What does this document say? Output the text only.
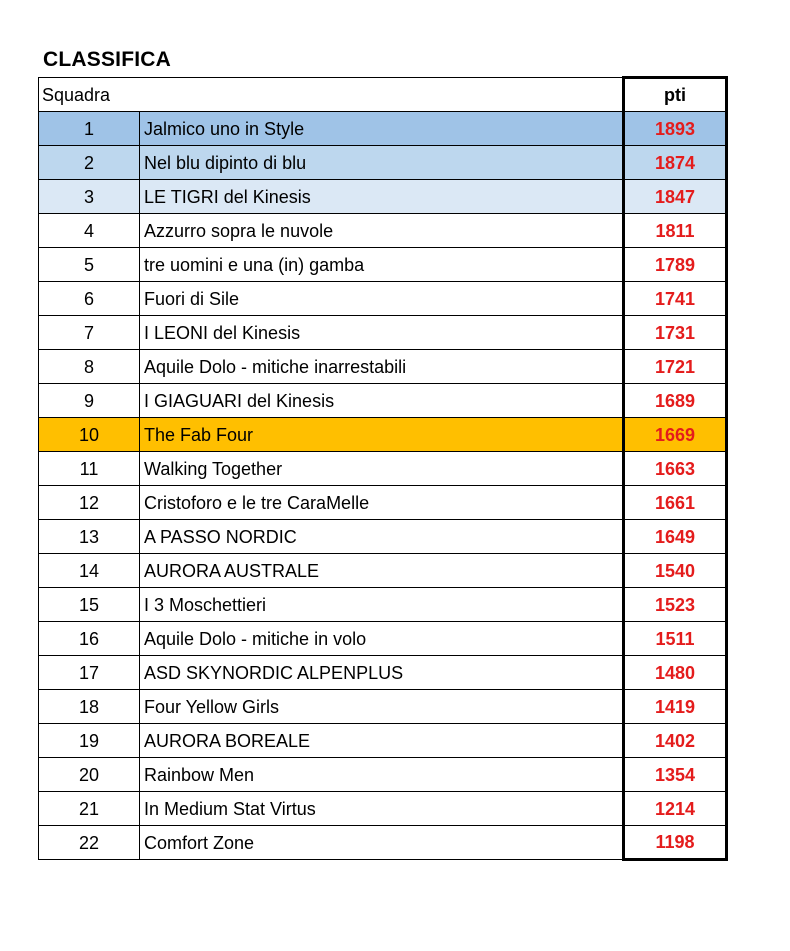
CLASSIFICA
Squadra		pti
1	Jalmico uno in Style	1893
2	Nel blu dipinto di blu	1874
3	LE TIGRI del Kinesis	1847
4	Azzurro sopra le nuvole	1811
5	tre uomini e una (in) gamba	1789
6	Fuori di Sile	1741
7	I LEONI del Kinesis	1731
8	Aquile Dolo - mitiche inarrestabili	1721
9	I GIAGUARI del Kinesis	1689
10	The Fab Four	1669
11	Walking Together	1663
12	Cristoforo e le tre CaraMelle	1661
13	A PASSO NORDIC	1649
14	AURORA AUSTRALE	1540
15	I 3 Moschettieri	1523
16	Aquile Dolo - mitiche in volo	1511
17	ASD SKYNORDIC ALPENPLUS	1480
18	Four Yellow Girls	1419
19	AURORA BOREALE	1402
20	Rainbow Men	1354
21	In Medium Stat Virtus	1214
22	Comfort Zone	1198
